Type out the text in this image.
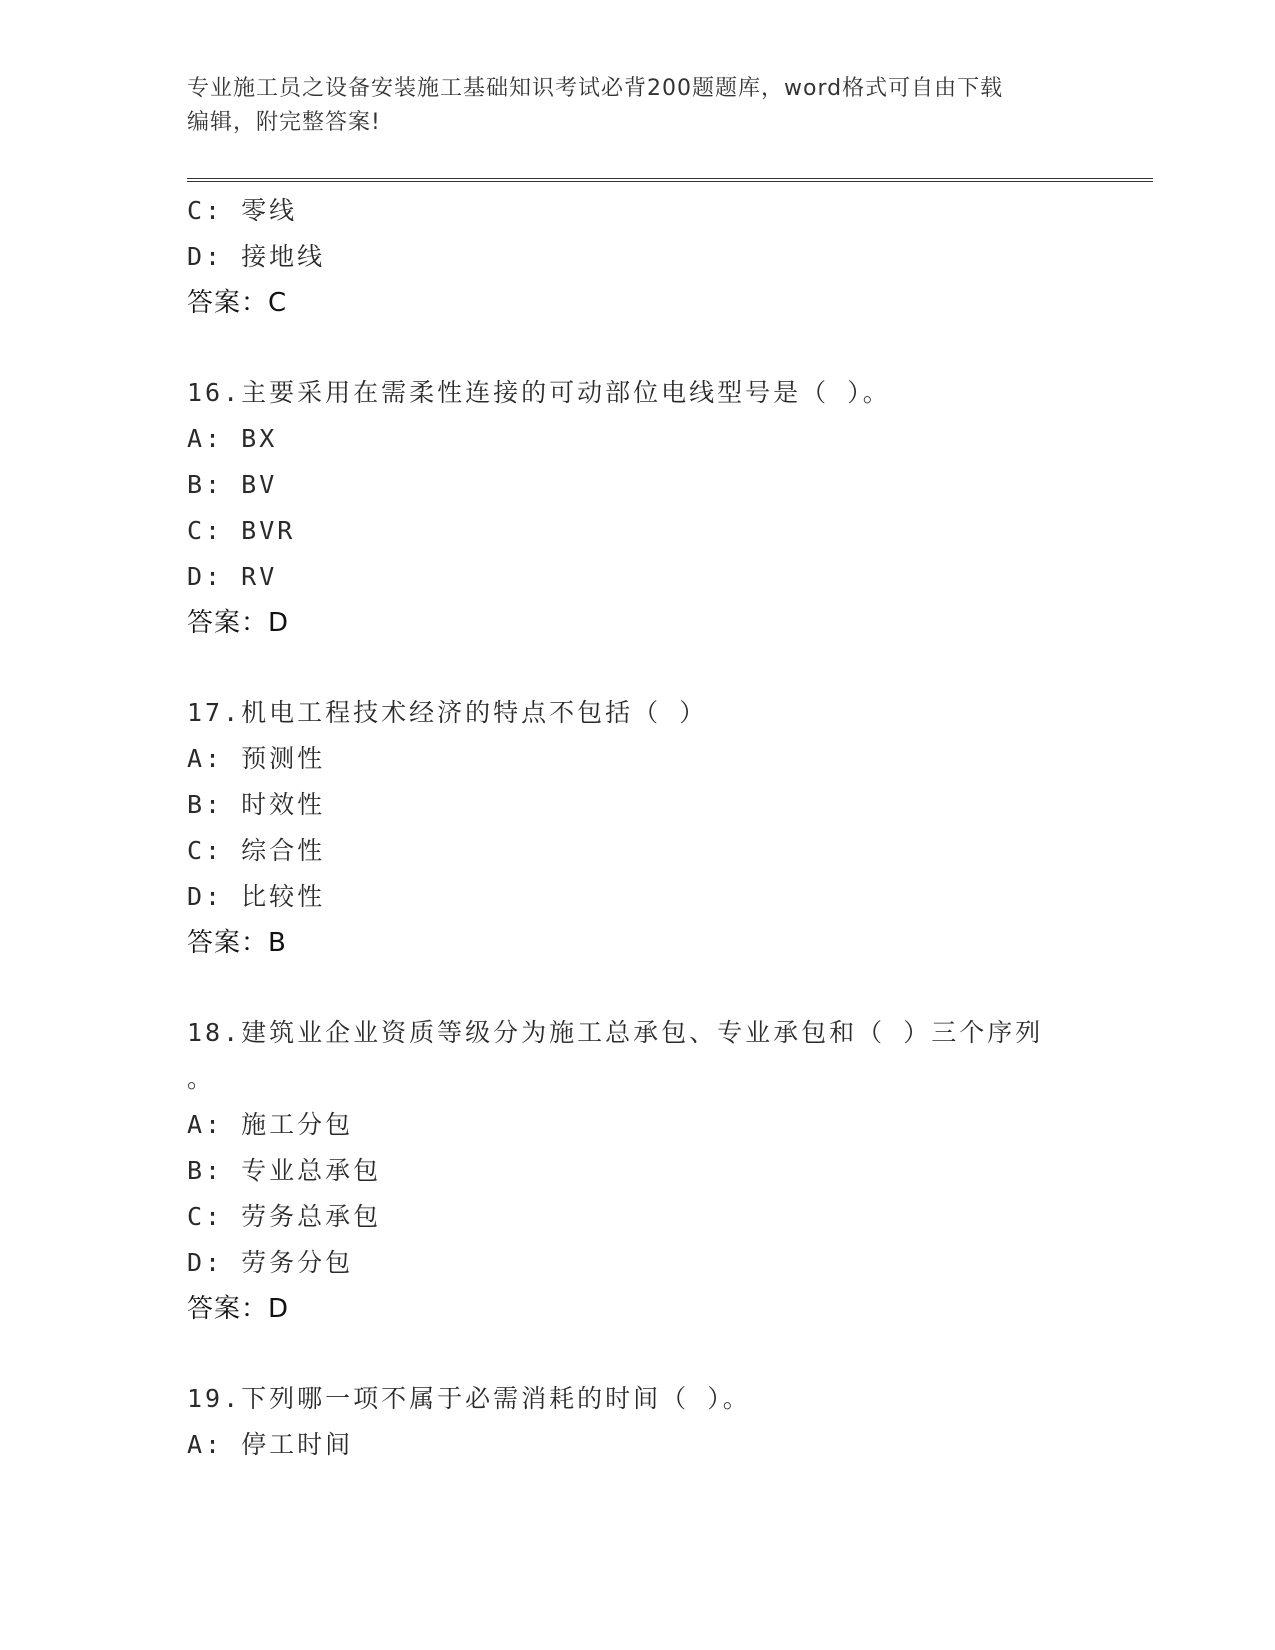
专业施工员之设备安装施工基础知识考试必背200题题库，word格式可自由下载
编辑，附完整答案!
C: 零线
D: 接地线
答案：C
16.主要采用在需柔性连接的可动部位电线型号是（ ）。
A: BX
B: BV
C: BVR
D: RV
答案：D
17.机电工程技术经济的特点不包括（ ）
A: 预测性
B: 时效性
C: 综合性
D: 比较性
答案：B
18.建筑业企业资质等级分为施工总承包、专业承包和（ ）三个序列
。
A: 施工分包
B: 专业总承包
C: 劳务总承包
D: 劳务分包
答案：D
19.下列哪一项不属于必需消耗的时间（ ）。
A: 停工时间
